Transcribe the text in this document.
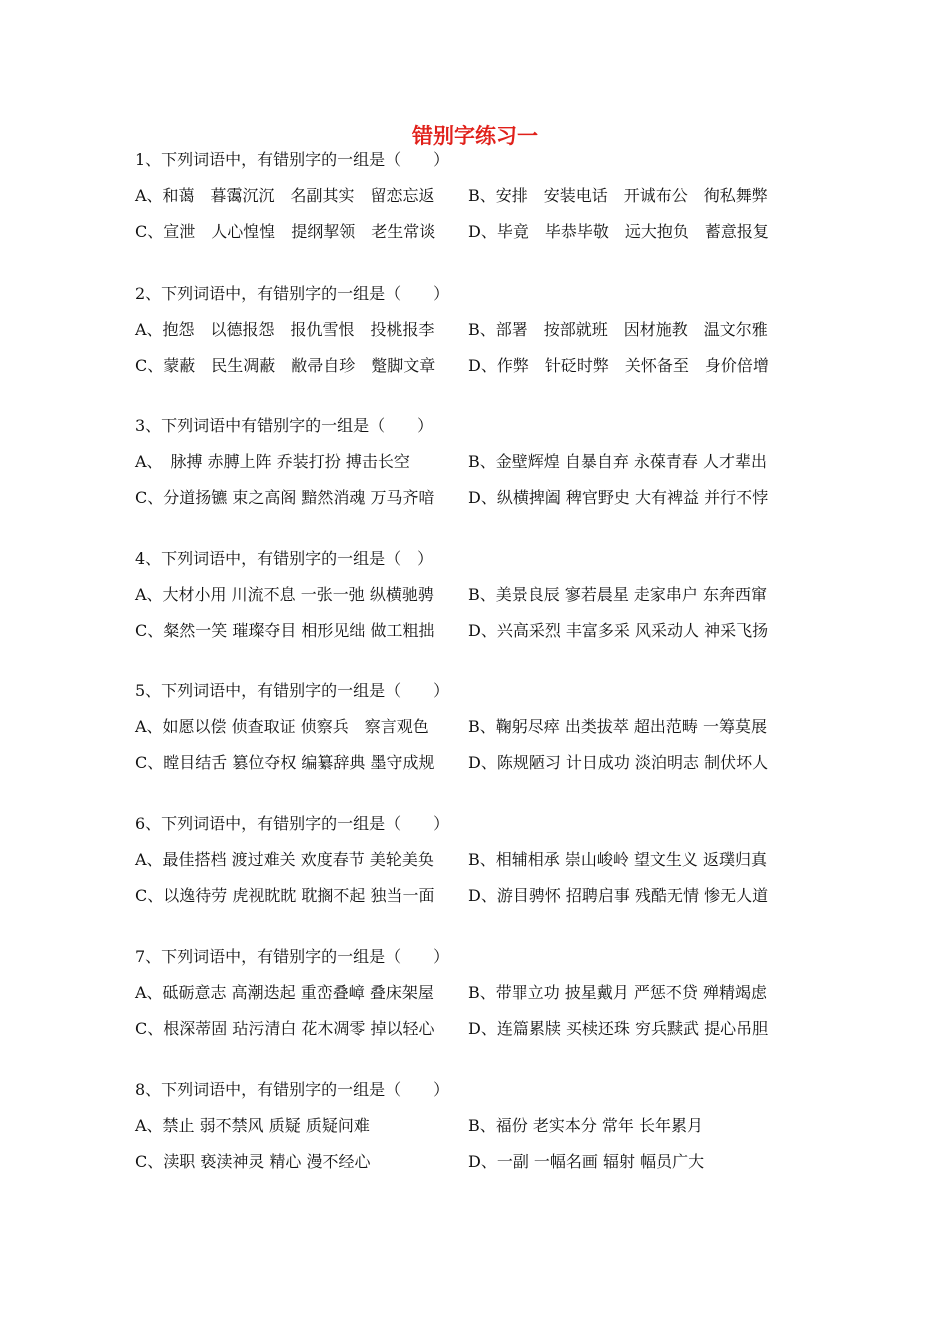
错别字练习一
1、下列词语中，有错别字的一组是（　　）
A、和蔼　暮霭沉沉　名副其实　留恋忘返 B、安排　安装电话　开诚布公　徇私舞弊
C、宣泄　人心惶惶　提纲挈领　老生常谈 D、毕竟　毕恭毕敬　远大抱负　蓄意报复
2、下列词语中，有错别字的一组是（　　）
A、抱怨　以德报怨　报仇雪恨　投桃报李 B、部署　按部就班　因材施教　温文尔雅
C、蒙蔽　民生凋蔽　敝帚自珍　蹩脚文章 D、作弊　针砭时弊　关怀备至　身价倍增
3、下列词语中有错别字的一组是（　　）
A、　脉搏 赤膊上阵 乔装打扮 搏击长空	B、金壁辉煌 自暴自弃 永葆青春 人才辈出
C、分道扬镳 束之高阁 黯然消魂 万马齐喑 D、纵横捭阖 稗官野史 大有裨益 并行不悖
4、下列词语中，有错别字的一组是（　）
A、大材小用 川流不息 一张一弛 纵横驰骋 B、美景良辰 寥若晨星 走家串户 东奔西窜
C、粲然一笑 璀璨夺目 相形见绌 做工粗拙 D、兴高采烈 丰富多采 风采动人 神采飞扬
5、下列词语中，有错别字的一组是（　　）
A、如愿以偿 侦查取证 侦察兵　察言观色 B、鞠躬尽瘁 出类拔萃 超出范畴 一筹莫展
C、瞠目结舌 篡位夺权 编纂辞典 墨守成规 D、陈规陋习 计日成功 淡泊明志 制伏坏人
6、下列词语中，有错别字的一组是（　　）
A、最佳搭档 渡过难关 欢度春节 美轮美奂 B、相辅相承 崇山峻岭 望文生义 返璞归真
C、以逸待劳 虎视眈眈 耽搁不起 独当一面 D、游目骋怀 招聘启事 残酷无情 惨无人道
7、下列词语中，有错别字的一组是（　　）
A、砥砺意志 高潮迭起 重峦叠嶂 叠床架屋 B、带罪立功 披星戴月 严惩不贷 殚精竭虑
C、根深蒂固 玷污清白 花木凋零 掉以轻心 D、连篇累牍 买椟还珠 穷兵黩武 提心吊胆
8、下列词语中，有错别字的一组是（　　）
A、禁止 弱不禁风 质疑 质疑问难	B、福份 老实本分 常年 长年累月
C、渎职 亵渎神灵 精心 漫不经心	D、一副 一幅名画 辐射 幅员广大
